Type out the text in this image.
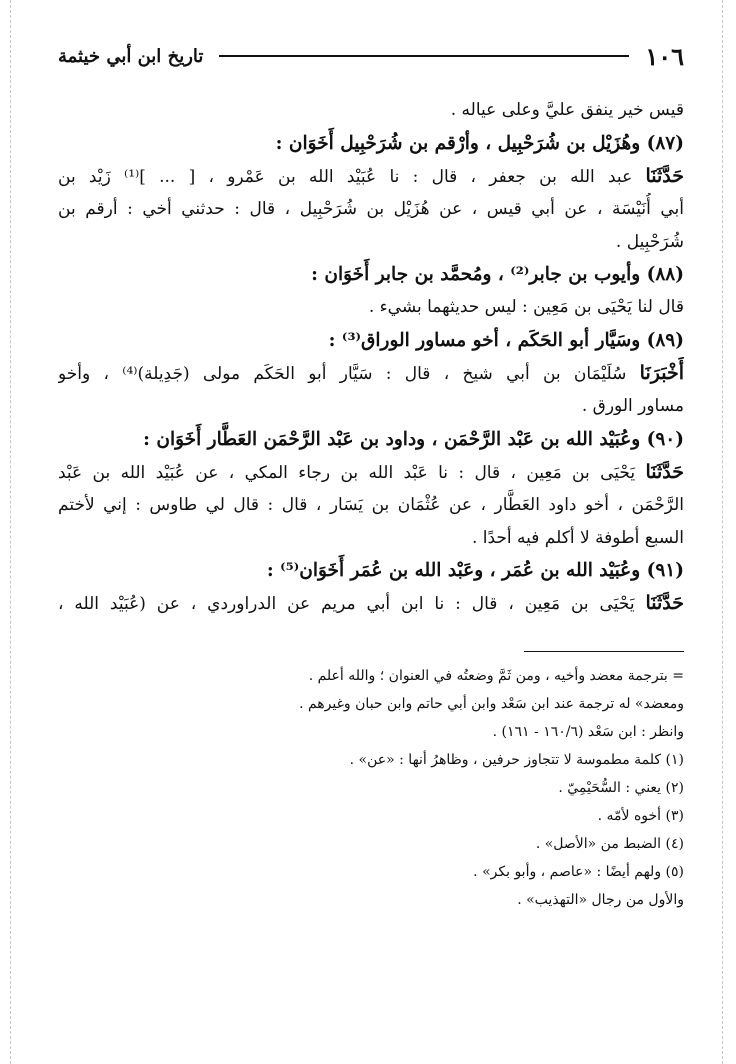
١٠٦
تاريخ ابن أبي خيثمة
قيس خير ينفق عليَّ وعلى عياله .
(٨٧) وهُزَيْل بن شُرَحْبِيل ، وأرْقم بن شُرَحْبِيل أَخَوَان :
حَدَّثَنَا عبد الله بن جعفر ، قال : نا عُبَيْد الله بن عَمْرو ، [ ... ]⁽¹⁾ زَيْد بن
أبي أُنَيْسَة ، عن أبي قيس ، عن هُزَيْل بن شُرَحْبِيل ، قال : حدثني أخي : أرقم بن
شُرَحْبِيل .
(٨٨) وأيوب بن جابر⁽²⁾ ، ومُحمَّد بن جابر أَخَوَان :
قال لنا يَحْيَى بن مَعِين : ليس حديثهما بشيء .
(٨٩) وسَيَّار أبو الحَكَم ، أخو مساور الوراق⁽³⁾ :
أَخْبَرَنَا سُلَيْمَان بن أبي شيخ ، قال : سَيَّار أبو الحَكَم مولى (جَدِيلة)⁽⁴⁾ ، وأخو
مساور الورق .
(٩٠) وعُبَيْد الله بن عَبْد الرَّحْمَن ، وداود بن عَبْد الرَّحْمَن العَطَّار أَخَوَان :
حَدَّثَنَا يَحْيَى بن مَعِين ، قال : نا عَبْد الله بن رجاء المكي ، عن عُبَيْد الله بن عَبْد
الرَّحْمَن ، أخو داود العَطَّار ، عن عُثْمَان بن يَسَار ، قال : قال لي طاوس : إني لأختم
السبع أطوفة لا أكلم فيه أحدًا .
(٩١) وعُبَيْد الله بن عُمَر ، وعَبْد الله بن عُمَر أَخَوَان⁽⁵⁾ :
حَدَّثَنَا يَحْيَى بن مَعِين ، قال : نا ابن أبي مريم عن الدراوردي ، عن (عُبَيْد الله ،
= بترجمة معضد وأخيه ، ومن ثَمَّ وضعتُه في العنوان ؛ والله أعلم .
ومعضد» له ترجمة عند ابن سَعْد وابن أبي حاتم وابن حبان وغيرهم .
وانظر : ابن سَعْد (١٦٠/٦ - ١٦١) .
(١) كلمة مطموسة لا تتجاوز حرفين ، وظاهرُ أنها : «عن» .
(٢) يعني : السُّحَيْمِيّ .
(٣) أخوه لأمّه .
(٤) الضبط من «الأصل» .
(٥) ولهم أيضًا : «عاصم ، وأبو بكر» .
والأول من رجال «التهذيب» .
